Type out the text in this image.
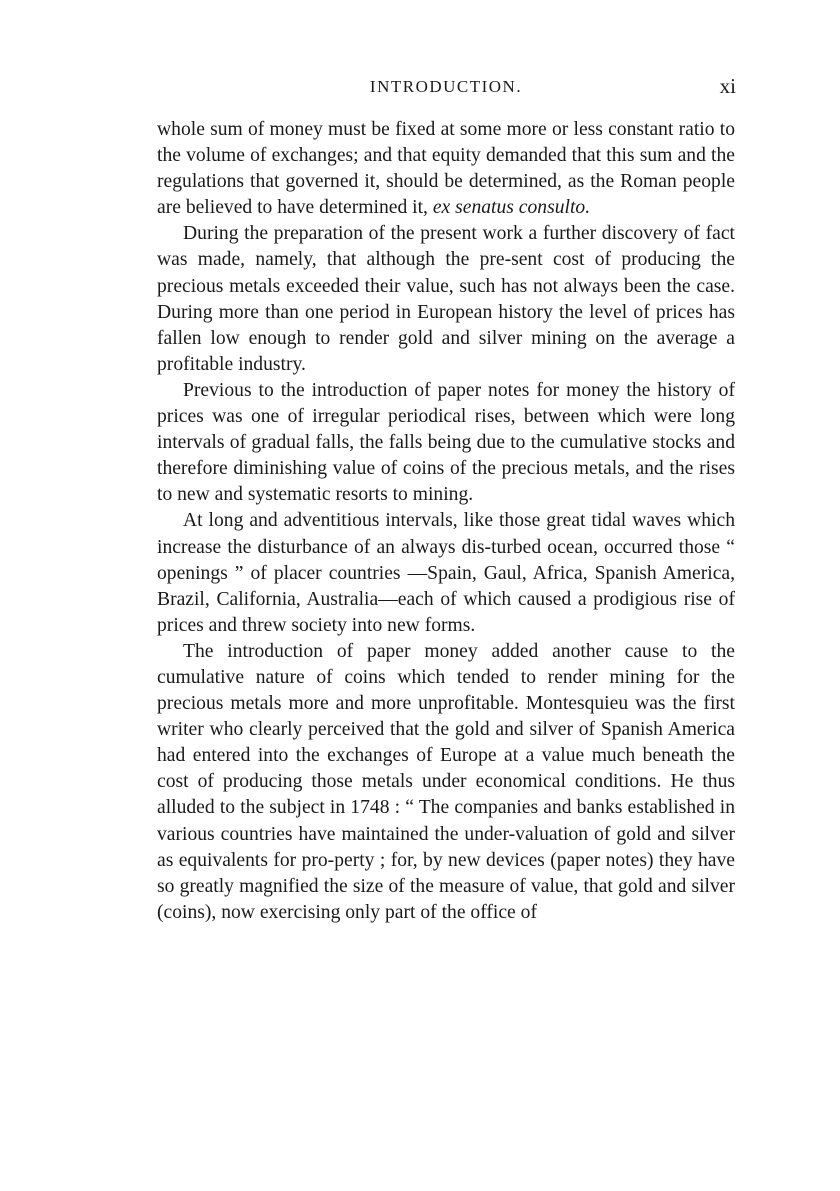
INTRODUCTION.	xi

whole sum of money must be fixed at some more or less constant ratio to the volume of exchanges; and that equity demanded that this sum and the regulations that governed it, should be determined, as the Roman people are believed to have determined it, ex senatus consulto.

During the preparation of the present work a further discovery of fact was made, namely, that although the pre-sent cost of producing the precious metals exceeded their value, such has not always been the case. During more than one period in European history the level of prices has fallen low enough to render gold and silver mining on the average a profitable industry.

Previous to the introduction of paper notes for money the history of prices was one of irregular periodical rises, between which were long intervals of gradual falls, the falls being due to the cumulative stocks and therefore diminishing value of coins of the precious metals, and the rises to new and systematic resorts to mining.

At long and adventitious intervals, like those great tidal waves which increase the disturbance of an always dis-turbed ocean, occurred those “ openings ” of placer countries —Spain, Gaul, Africa, Spanish America, Brazil, California, Australia—each of which caused a prodigious rise of prices and threw society into new forms.

The introduction of paper money added another cause to the cumulative nature of coins which tended to render mining for the precious metals more and more unprofitable. Montesquieu was the first writer who clearly perceived that the gold and silver of Spanish America had entered into the exchanges of Europe at a value much beneath the cost of producing those metals under economical conditions. He thus alluded to the subject in 1748 : “ The companies and banks established in various countries have maintained the under-valuation of gold and silver as equivalents for pro-perty ; for, by new devices (paper notes) they have so greatly magnified the size of the measure of value, that gold and silver (coins), now exercising only part of the office of
